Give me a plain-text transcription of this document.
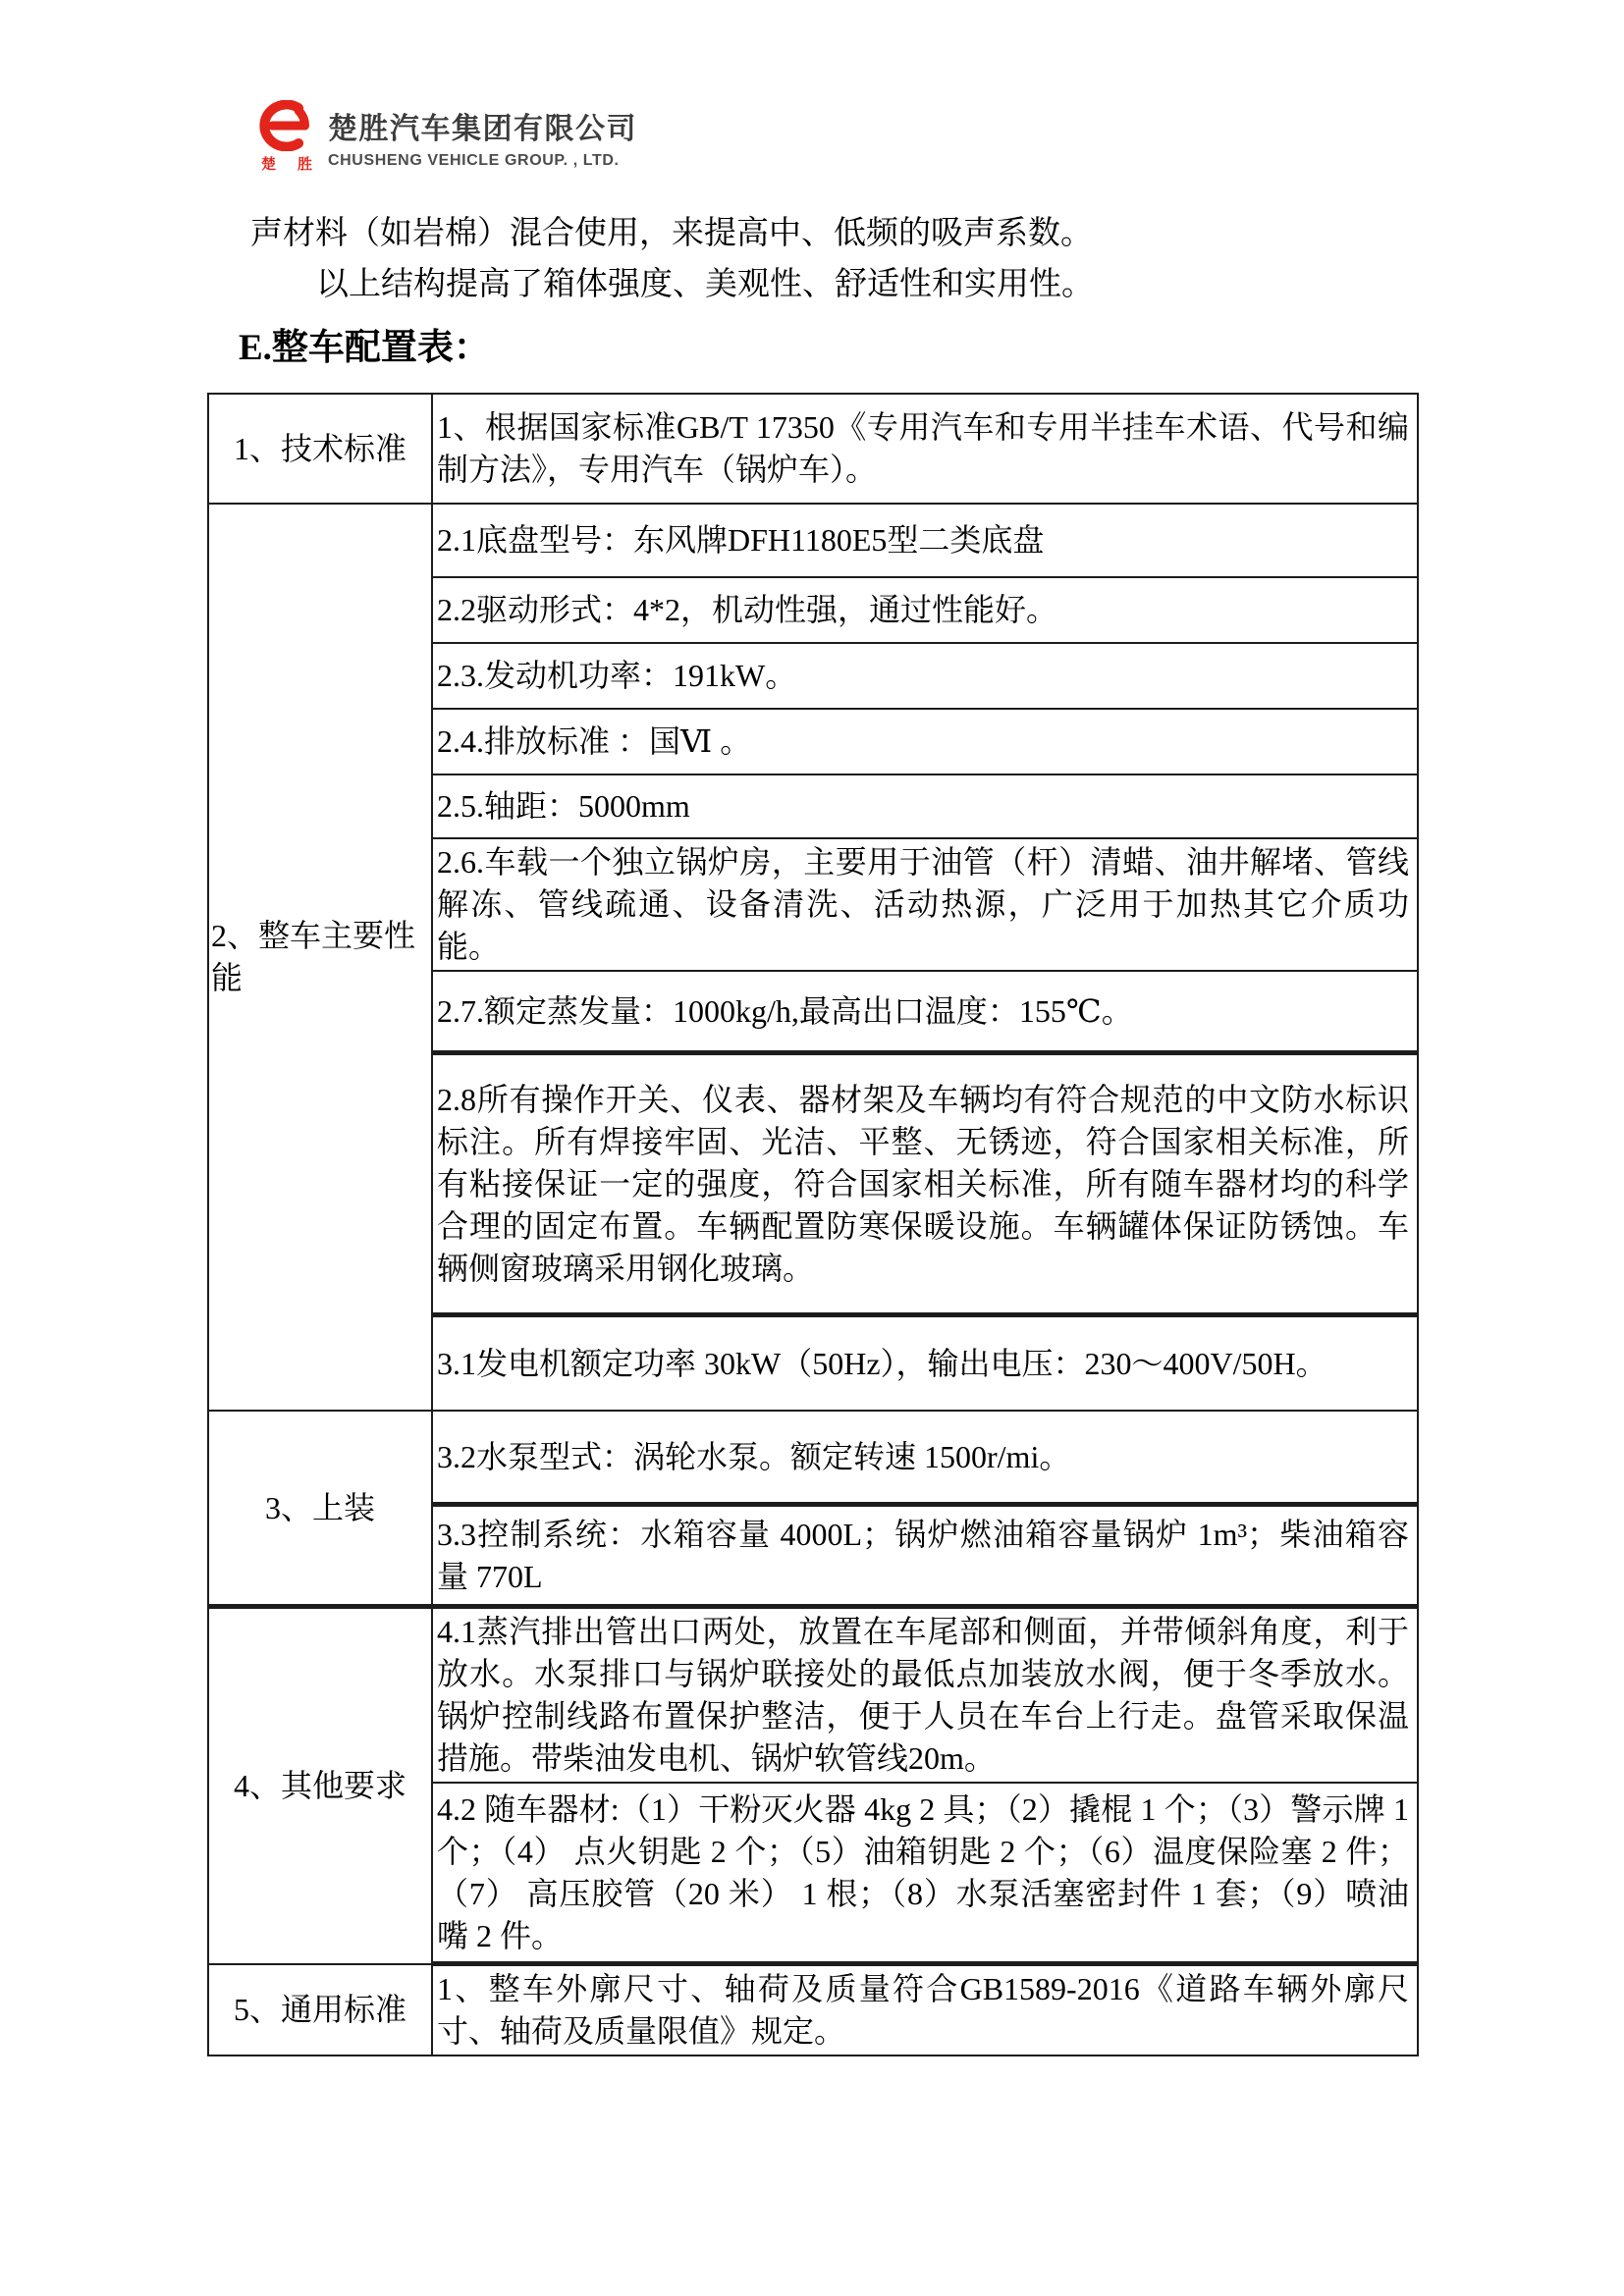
楚胜
楚胜汽车集团有限公司
CHUSHENG VEHICLE GROUP. , LTD.

声材料（如岩棉）混合使用，来提高中、低频的吸声系数。

以上结构提高了箱体强度、美观性、舒适性和实用性。

E.整车配置表：
1、技术标准	1、根据国家标准GB/T 17350《专用汽车和专用半挂车术语、代号和编制方法》，专用汽车（锅炉车）。
2、整车主要性能	2.1底盘型号：东风牌DFH1180E5型二类底盘
	2.2驱动形式：4*2，机动性强，通过性能好。
	2.3.发动机功率：191kW。
	2.4.排放标准 ：国Ⅵ 。
	2.5.轴距：5000mm
	2.6.车载一个独立锅炉房，主要用于油管（杆）清蜡、油井解堵、管线解冻、管线疏通、设备清洗、活动热源，广泛用于加热其它介质功能。
	2.7.额定蒸发量：1000kg/h,最高出口温度：155℃。
	2.8所有操作开关、仪表、器材架及车辆均有符合规范的中文防水标识标注。所有焊接牢固、光洁、平整、无锈迹，符合国家相关标准，所有粘接保证一定的强度，符合国家相关标准，所有随车器材均的科学合理的固定布置。车辆配置防寒保暖设施。车辆罐体保证防锈蚀。车辆侧窗玻璃采用钢化玻璃。
	3.1发电机额定功率 30kW（50Hz），输出电压：230～400V/50H。
3、上装	3.2水泵型式：涡轮水泵。额定转速 1500r/mi。
	3.3控制系统：水箱容量 4000L；锅炉燃油箱容量锅炉 1m³；柴油箱容量 770L
4、其他要求	4.1蒸汽排出管出口两处，放置在车尾部和侧面，并带倾斜角度，利于放水。水泵排口与锅炉联接处的最低点加装放水阀，便于冬季放水。锅炉控制线路布置保护整洁，便于人员在车台上行走。盘管采取保温措施。带柴油发电机、锅炉软管线20m。
	4.2 随车器材:（1）干粉灭火器 4kg 2 具；（2）撬棍 1 个；（3）警示牌 1 个；（4） 点火钥匙 2 个；（5）油箱钥匙 2 个；（6）温度保险塞 2 件；（7） 高压胶管（20 米） 1 根；（8）水泵活塞密封件 1 套；（9）喷油嘴 2 件。
5、通用标准	1、整车外廓尺寸、轴荷及质量符合GB1589-2016《道路车辆外廓尺寸、轴荷及质量限值》规定。
